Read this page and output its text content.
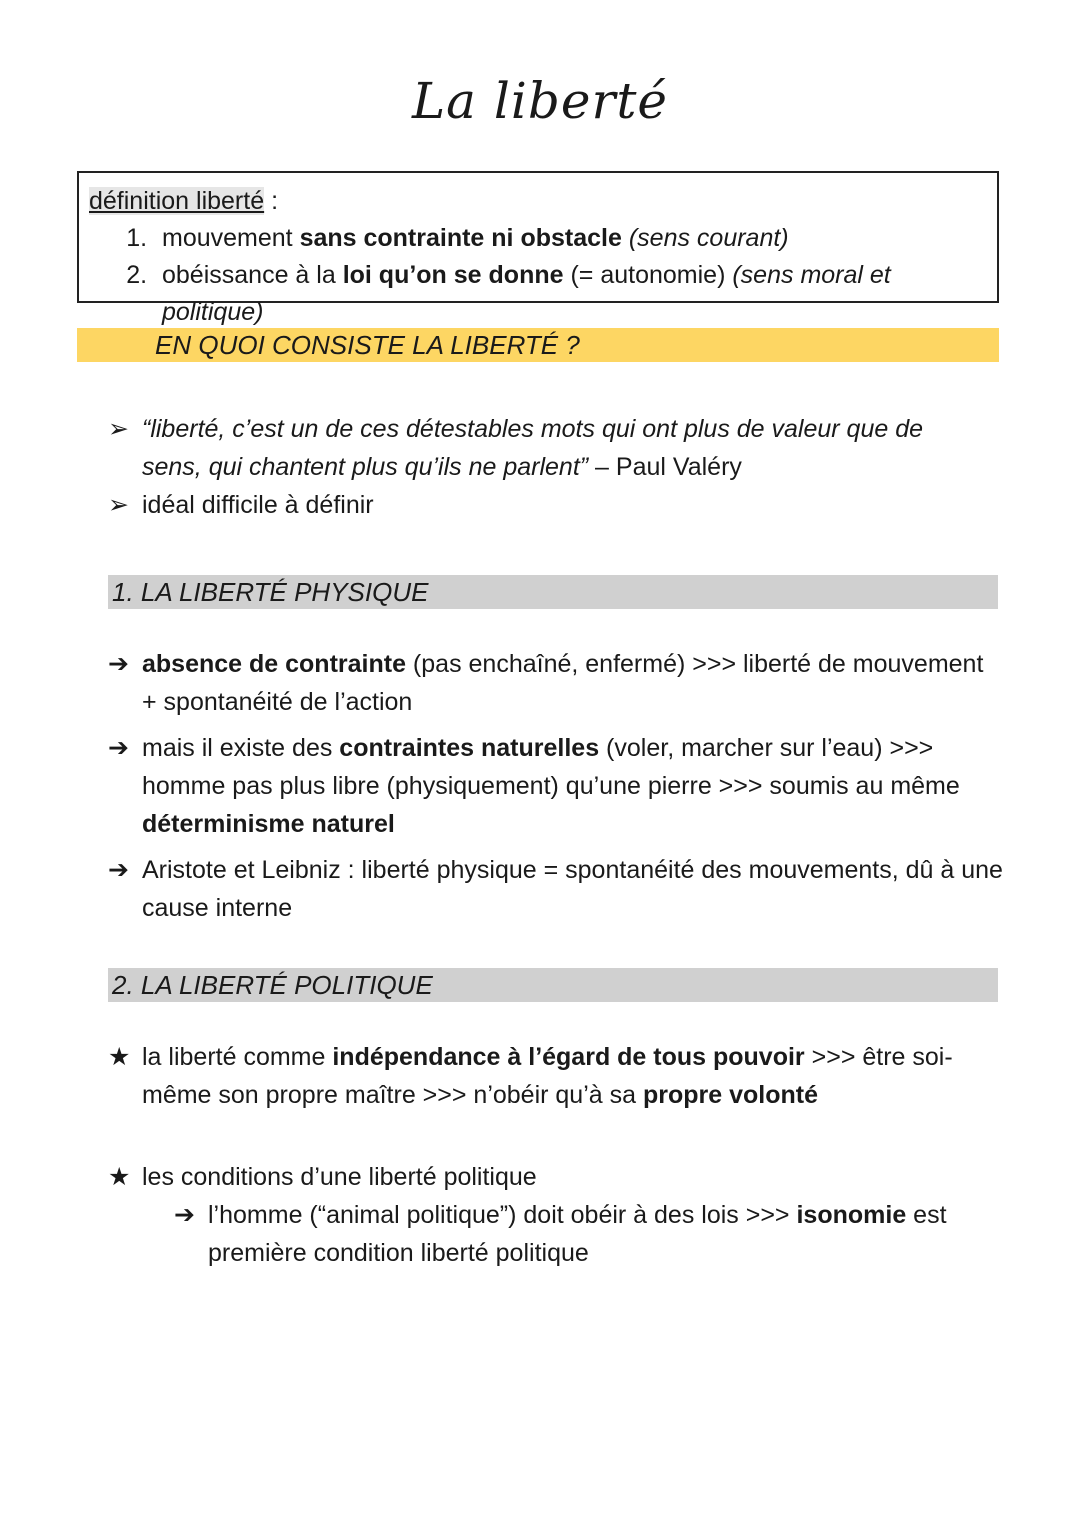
La liberté
définition liberté :
1. mouvement sans contrainte ni obstacle (sens courant)
2. obéissance à la loi qu’on se donne (= autonomie) (sens moral et politique)
EN QUOI CONSISTE LA LIBERTÉ ?
➢ “liberté, c’est un de ces détestables mots qui ont plus de valeur que de sens, qui chantent plus qu’ils ne parlent” – Paul Valéry
➢ idéal difficile à définir
1. LA LIBERTÉ PHYSIQUE
➔ absence de contrainte (pas enchaîné, enfermé) >>> liberté de mouvement + spontanéité de l’action
➔ mais il existe des contraintes naturelles (voler, marcher sur l’eau) >>> homme pas plus libre (physiquement) qu’une pierre >>> soumis au même déterminisme naturel
➔ Aristote et Leibniz : liberté physique = spontanéité des mouvements, dû à une cause interne
2. LA LIBERTÉ POLITIQUE
★ la liberté comme indépendance à l’égard de tous pouvoir >>> être soi-même son propre maître >>> n’obéir qu’à sa propre volonté
★ les conditions d’une liberté politique
➔ l’homme (“animal politique”) doit obéir à des lois >>> isonomie est première condition liberté politique
